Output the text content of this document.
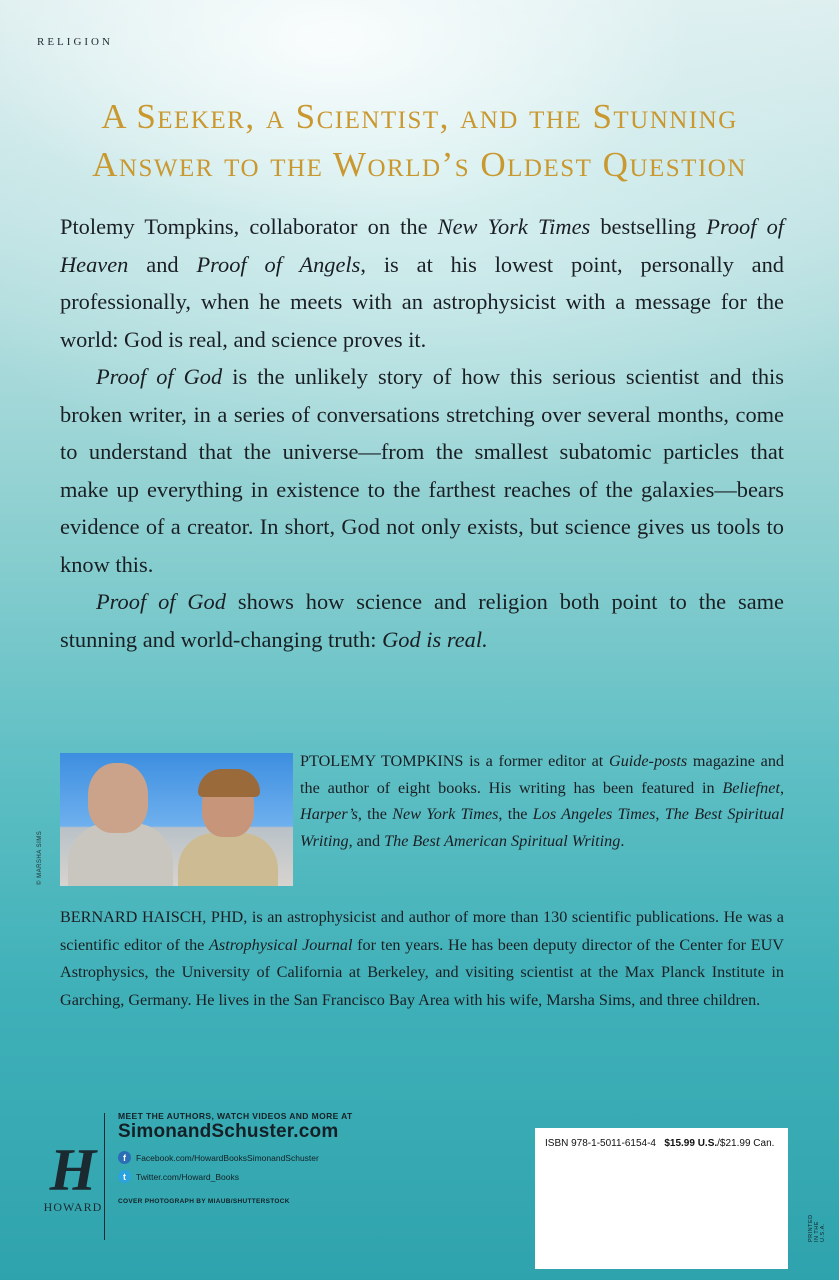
RELIGION
A Seeker, a Scientist, and the Stunning
Answer to the World’s Oldest Question

Ptolemy Tompkins, collaborator on the New York Times bestselling Proof of Heaven and Proof of Angels, is at his lowest point, personally and professionally, when he meets with an astrophysicist with a message for the world: God is real, and science proves it.

Proof of God is the unlikely story of how this serious scientist and this broken writer, in a series of conversations stretching over several months, come to understand that the universe—from the smallest subatomic particles that make up everything in existence to the farthest reaches of the galaxies—bears evidence of a creator. In short, God not only exists, but science gives us tools to know this.

Proof of God shows how science and religion both point to the same stunning and world-changing truth: God is real.

© MARSHA SIMS

PTOLEMY TOMPKINS is a former editor at Guide-posts magazine and the author of eight books. His writing has been featured in Beliefnet, Harper’s, the New York Times, the Los Angeles Times, The Best Spiritual Writing, and The Best American Spiritual Writing.

BERNARD HAISCH, PHD, is an astrophysicist and author of more than 130 scientific publications. He was a scientific editor of the Astrophysical Journal for ten years. He has been deputy director of the Center for EUV Astrophysics, the University of California at Berkeley, and visiting scientist at the Max Planck Institute in Garching, Germany. He lives in the San Francisco Bay Area with his wife, Marsha Sims, and three children.

H
HOWARD
MEET THE AUTHORS, WATCH VIDEOS AND MORE AT
SimonandSchuster.com
f	Facebook.com/HowardBooksSimonandSchuster
t	Twitter.com/Howard_Books
COVER PHOTOGRAPH BY MIAUB/SHUTTERSTOCK
ISBN 978-1-5011-6154-4 $15.99 U.S./$21.99 Can.
PRINTED IN THE U.S.A.
